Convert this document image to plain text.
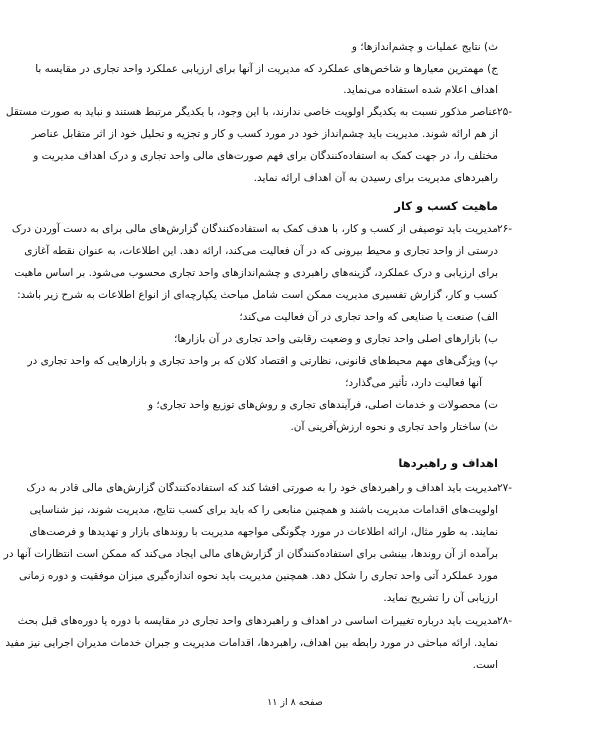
ث) نتایج عملیات و چشم‌اندازها؛ و
ج) مهمترین معیارها و شاخص‌های عملکرد که مدیریت از آنها برای ارزیابی عملکرد واحد تجاری در مقایسه با
اهداف اعلام شده استفاده می‌نماید.
-۲۵
عناصر مذکور نسبت به یکدیگر اولویت خاصی ندارند، با این وجود، با یکدیگر مرتبط هستند و نباید به صورت مستقل
از هم ارائه شوند. مدیریت باید چشم‌انداز خود در مورد کسب و کار و تجزیه و تحلیل خود از اثر متقابل عناصر
مختلف را، در جهت کمک به استفاده‌کنندگان برای فهم صورت‌های مالی واحد تجاری و درک اهداف مدیریت و
راهبردهای مدیریت برای رسیدن به آن اهداف ارائه نماید.
ماهیت کسب و کار
-۲۶
مدیریت باید توصیفی از کسب و کار، با هدف کمک به استفاده‌کنندگان گزارش‌های مالی برای به دست آوردن درک
درستی از واحد تجاری و محیط بیرونی که در آن فعالیت می‌کند، ارائه دهد. این اطلاعات، به عنوان نقطه آغازی
برای ارزیابی و درک عملکرد، گزینه‌های راهبردی و چشم‌اندازهای واحد تجاری محسوب می‌شود. بر اساس ماهیت
کسب و کار، گزارش تفسیری مدیریت ممکن است شامل مباحث یکپارچه‌ای از انواع اطلاعات به شرح زیر باشد:
الف) صنعت یا صنایعی که واحد تجاری در آن فعالیت می‌کند؛
ب) بازارهای اصلی واحد تجاری و وضعیت رقابتی واحد تجاری در آن بازارها؛
پ) ویژگی‌های مهم محیط‌های قانونی، نظارتی و اقتصاد کلان که بر واحد تجاری و بازارهایی که واحد تجاری در
آنها فعالیت دارد، تأثیر می‌گذارد؛
ت) محصولات و خدمات اصلی، فرآیندهای تجاری و روش‌های توزیع واحد تجاری؛ و
ث) ساختار واحد تجاری و نحوه ارزش‌آفرینی آن.
اهداف و راهبردها
-۲۷
مدیریت باید اهداف و راهبردهای خود را به صورتی افشا کند که استفاده‌کنندگان گزارش‌های مالی قادر به درک
اولویت‌های اقدامات مدیریت باشند و همچنین منابعی را که باید برای کسب نتایج، مدیریت شوند، نیز شناسایی
نمایند. به طور مثال، ارائه اطلاعات در مورد چگونگی مواجهه مدیریت با روندهای بازار و تهدیدها و فرصت‌های
برآمده از آن روندها، بینشی برای استفاده‌کنندگان از گزارش‌های مالی ایجاد می‌کند که ممکن است انتظارات آنها در
مورد عملکرد آتی واحد تجاری را شکل دهد. همچنین مدیریت باید نحوه اندازه‌گیری میزان موفقیت و دوره زمانی
ارزیابی آن را تشریح نماید.
-۲۸
مدیریت باید درباره تغییرات اساسی در اهداف و راهبردهای واحد تجاری در مقایسه با دوره یا دوره‌های قبل بحث
نماید. ارائه مباحثی در مورد رابطه بین اهداف، راهبردها، اقدامات مدیریت و جبران خدمات مدیران اجرایی نیز مفید
است.
صفحه ۸ از ۱۱
